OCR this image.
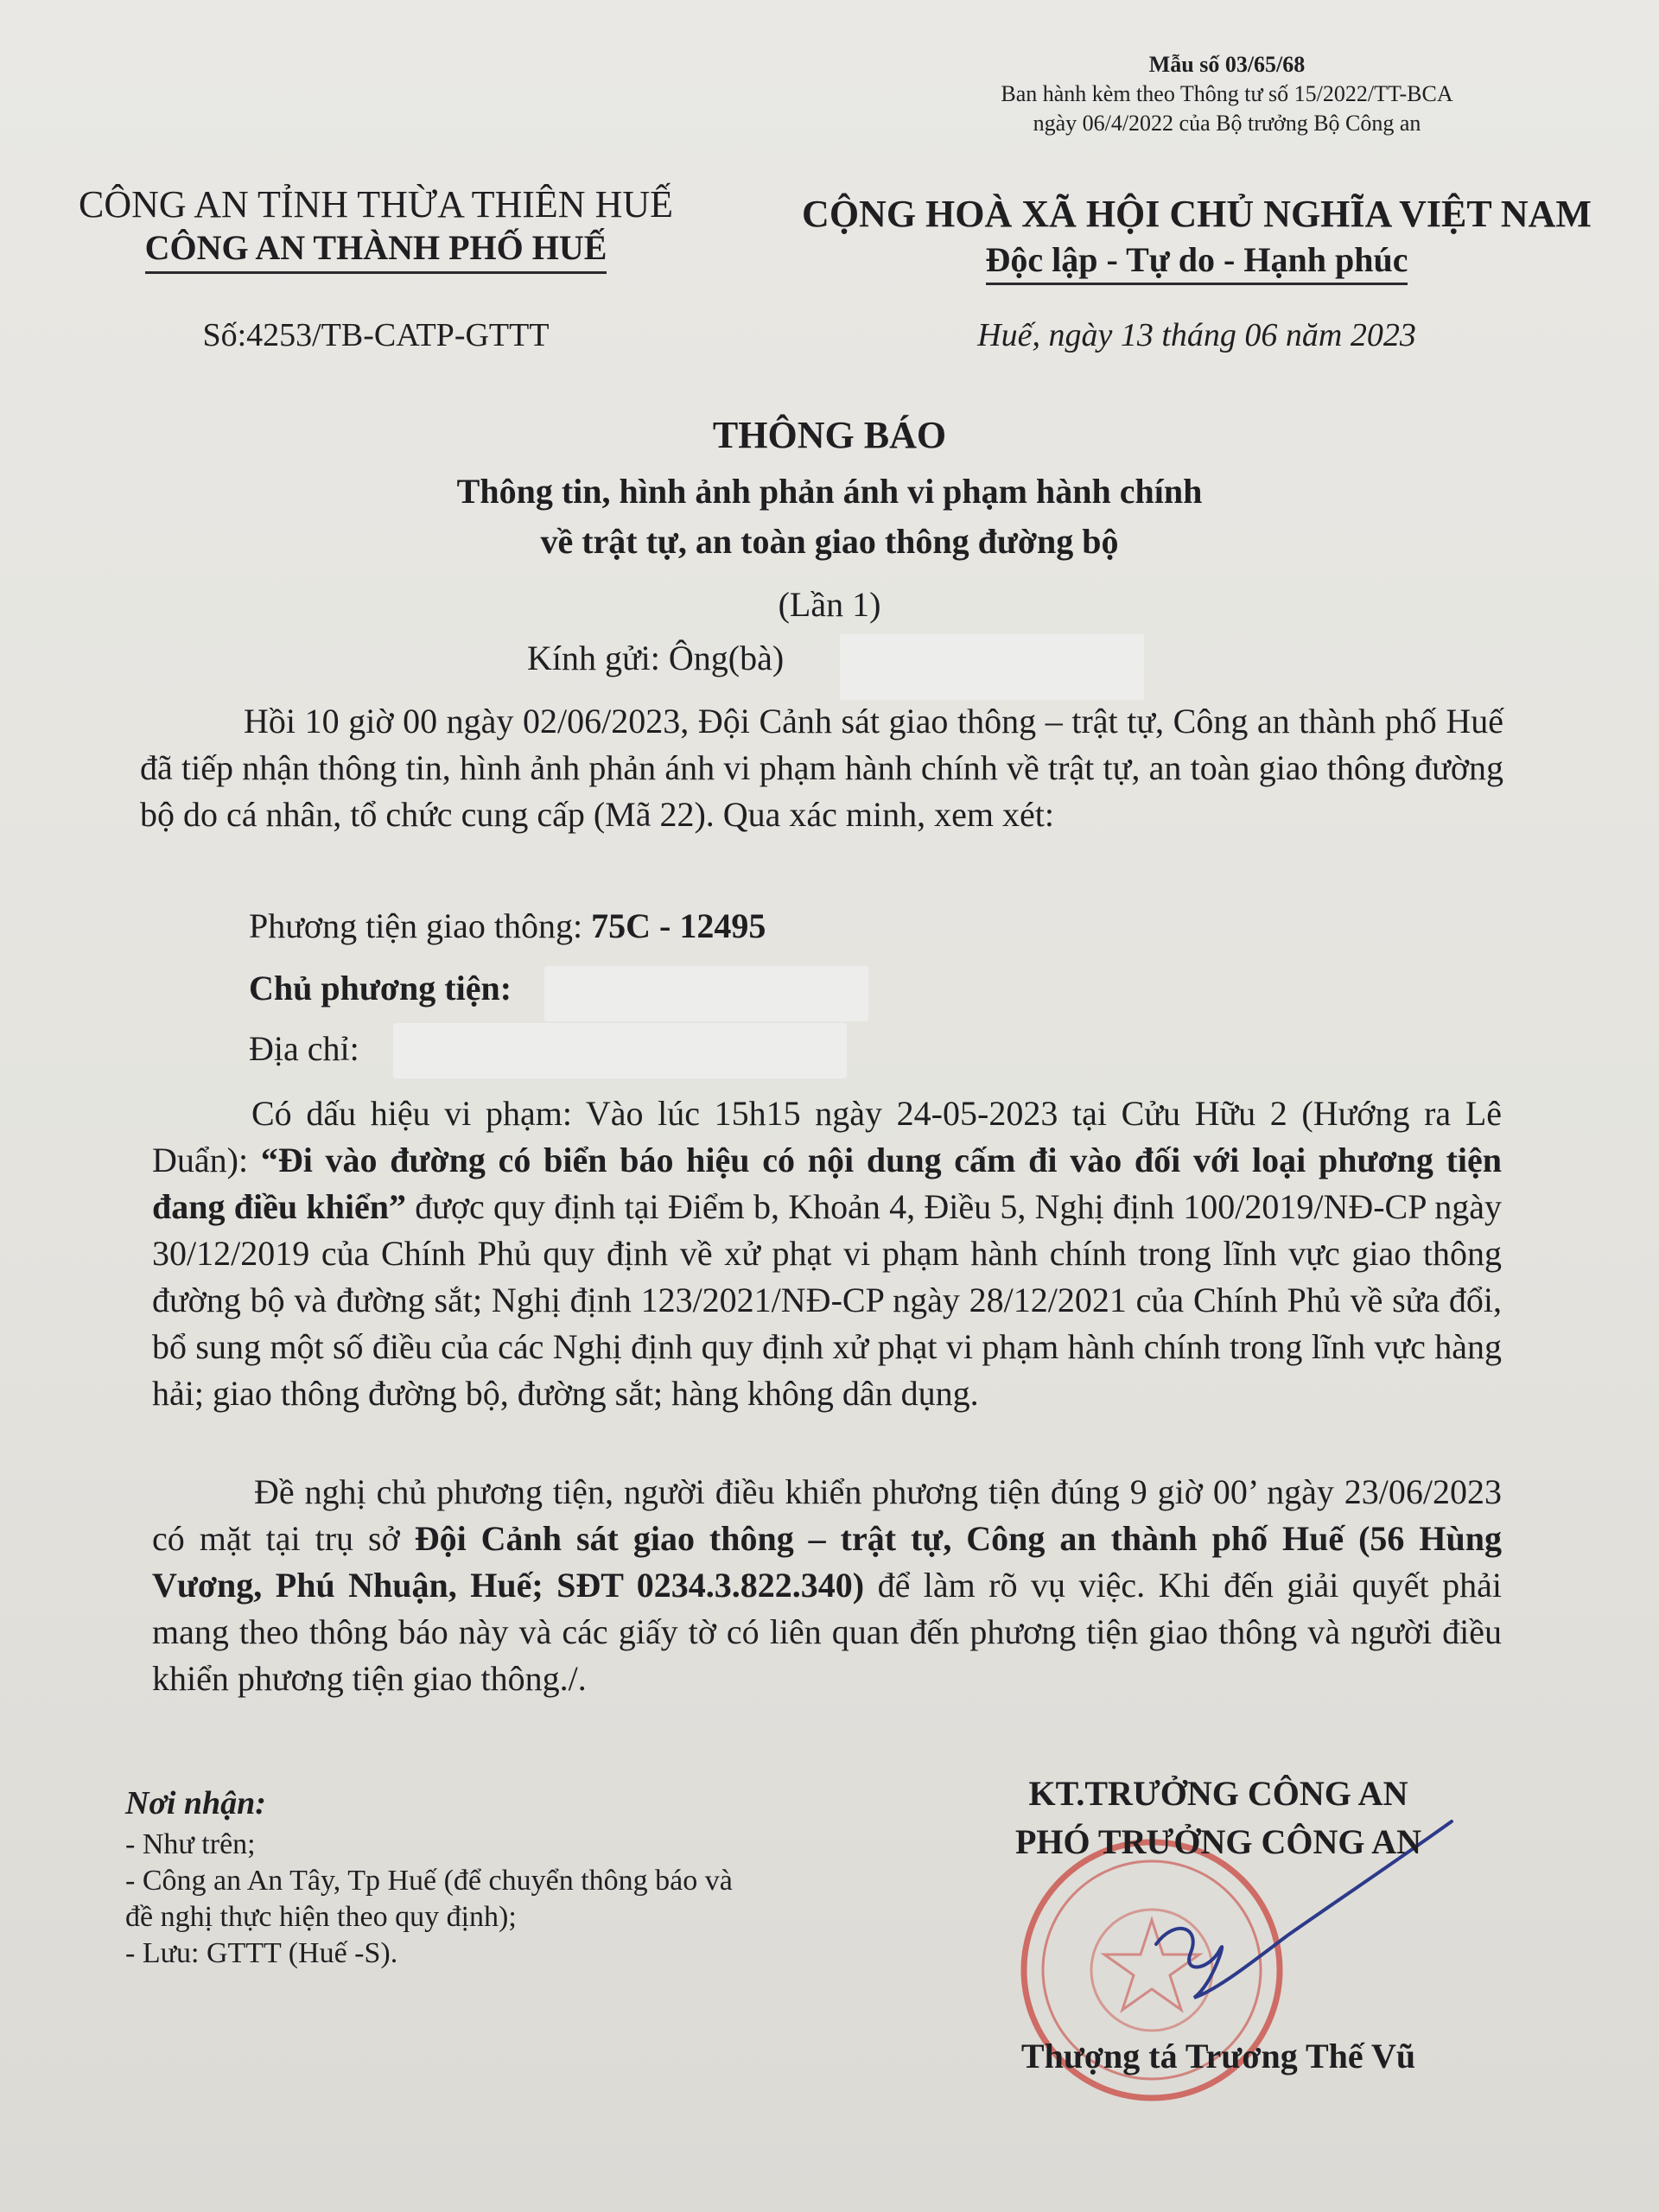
Mẫu số 03/65/68
Ban hành kèm theo Thông tư số 15/2022/TT-BCA
ngày 06/4/2022 của Bộ trưởng Bộ Công an
CÔNG AN TỈNH THỪA THIÊN HUẾ
CÔNG AN THÀNH PHỐ HUẾ
CỘNG HOÀ XÃ HỘI CHỦ NGHĨA VIỆT NAM
Độc lập - Tự do - Hạnh phúc
Số:4253/TB-CATP-GTTT	Huế, ngày 13 tháng 06 năm 2023
THÔNG BÁO
Thông tin, hình ảnh phản ánh vi phạm hành chính
về trật tự, an toàn giao thông đường bộ
(Lần 1)
Kính gửi: Ông(bà)
Hồi 10 giờ 00 ngày 02/06/2023, Đội Cảnh sát giao thông – trật tự, Công an thành phố Huế đã tiếp nhận thông tin, hình ảnh phản ánh vi phạm hành chính về trật tự, an toàn giao thông đường bộ do cá nhân, tổ chức cung cấp (Mã 22). Qua xác minh, xem xét:
Phương tiện giao thông: 75C - 12495
Chủ phương tiện:
Địa chỉ:
Có dấu hiệu vi phạm: Vào lúc 15h15 ngày 24-05-2023 tại Cửu Hữu 2 (Hướng ra Lê Duẩn): “Đi vào đường có biển báo hiệu có nội dung cấm đi vào đối với loại phương tiện đang điều khiển” được quy định tại Điểm b, Khoản 4, Điều 5, Nghị định 100/2019/NĐ-CP ngày 30/12/2019 của Chính Phủ quy định về xử phạt vi phạm hành chính trong lĩnh vực giao thông đường bộ và đường sắt; Nghị định 123/2021/NĐ-CP ngày 28/12/2021 của Chính Phủ về sửa đổi, bổ sung một số điều của các Nghị định quy định xử phạt vi phạm hành chính trong lĩnh vực hàng hải; giao thông đường bộ, đường sắt; hàng không dân dụng.
Đề nghị chủ phương tiện, người điều khiển phương tiện đúng 9 giờ 00’ ngày 23/06/2023 có mặt tại trụ sở Đội Cảnh sát giao thông – trật tự, Công an thành phố Huế (56 Hùng Vương, Phú Nhuận, Huế; SĐT 0234.3.822.340) để làm rõ vụ việc. Khi đến giải quyết phải mang theo thông báo này và các giấy tờ có liên quan đến phương tiện giao thông và người điều khiển phương tiện giao thông./.
Nơi nhận:
- Như trên;
- Công an An Tây, Tp Huế (để chuyển thông báo và
đề nghị thực hiện theo quy định);
- Lưu: GTTT (Huế -S).
KT.TRƯỞNG CÔNG AN
PHÓ TRƯỞNG CÔNG AN
Thượng tá Trương Thế Vũ
